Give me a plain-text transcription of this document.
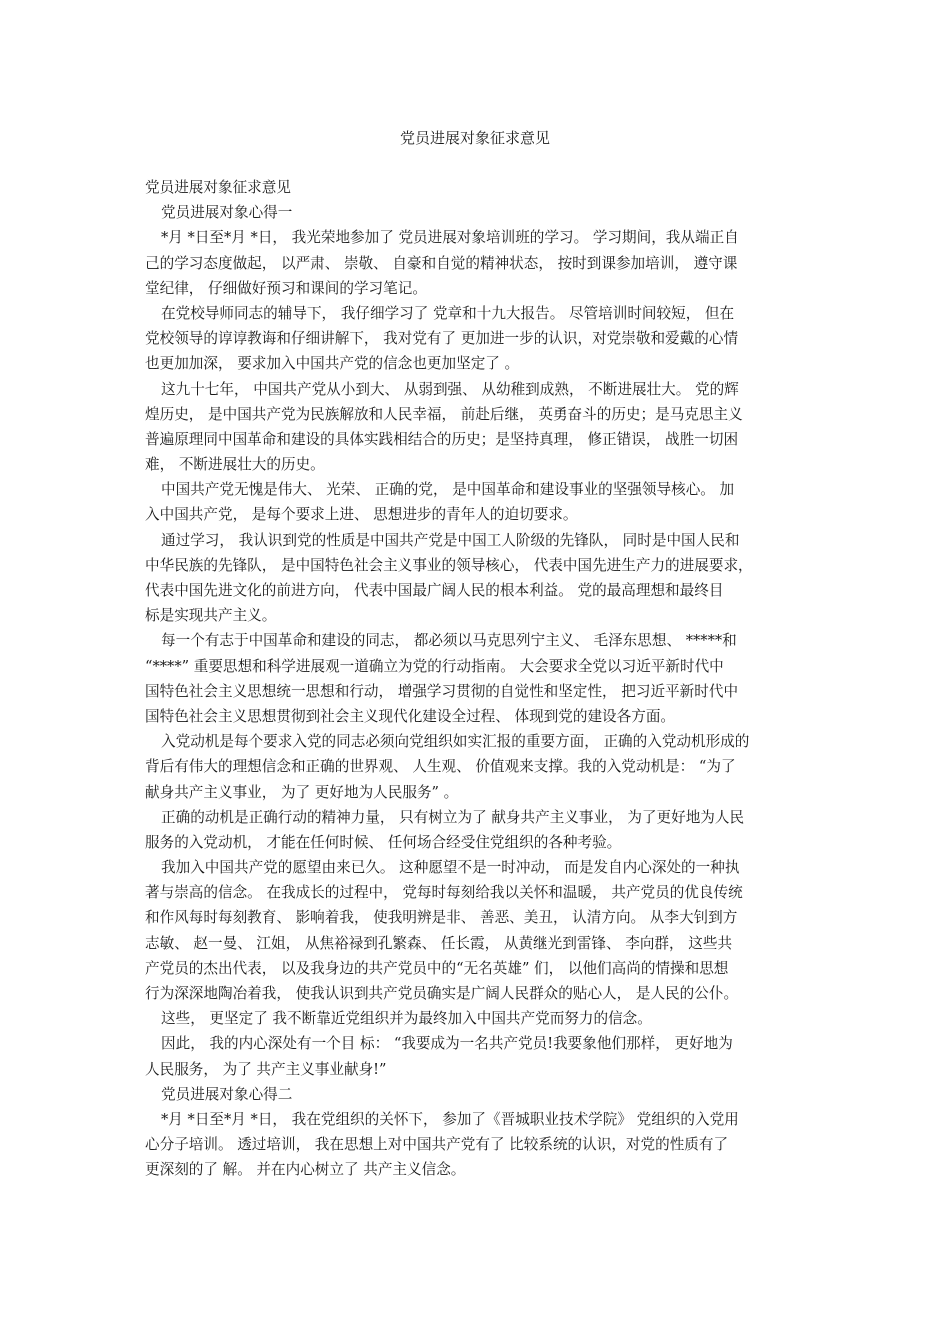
党员进展对象征求意见
党员进展对象征求意见
党员进展对象心得一
*月 *日至*月 *日， 我光荣地参加了 党员进展对象培训班的学习。 学习期间，我从端正自
己的学习态度做起， 以严肃、 崇敬、 自豪和自觉的精神状态， 按时到课参加培训， 遵守课
堂纪律， 仔细做好预习和课间的学习笔记。
在党校导师同志的辅导下， 我仔细学习了 党章和十九大报告。 尽管培训时间较短， 但在
党校领导的谆谆教诲和仔细讲解下， 我对党有了 更加进一步的认识，对党崇敬和爱戴的心情
也更加加深， 要求加入中国共产党的信念也更加坚定了 。
这九十七年， 中国共产党从小到大、 从弱到强、 从幼稚到成熟， 不断进展壮大。 党的辉
煌历史， 是中国共产党为民族解放和人民幸福， 前赴后继， 英勇奋斗的历史；是马克思主义
普遍原理同中国革命和建设的具体实践相结合的历史；是坚持真理， 修正错误， 战胜一切困
难， 不断进展壮大的历史。
中国共产党无愧是伟大、 光荣、 正确的党， 是中国革命和建设事业的坚强领导核心。 加
入中国共产党， 是每个要求上进、 思想进步的青年人的迫切要求。
通过学习， 我认识到党的性质是中国共产党是中国工人阶级的先锋队， 同时是中国人民和
中华民族的先锋队， 是中国特色社会主义事业的领导核心， 代表中国先进生产力的进展要求，
代表中国先进文化的前进方向， 代表中国最广阔人民的根本利益。 党的最高理想和最终目
标是实现共产主义。
每一个有志于中国革命和建设的同志， 都必须以马克思列宁主义、 毛泽东思想、 *****和
“****” 重要思想和科学进展观一道确立为党的行动指南。 大会要求全党以习近平新时代中
国特色社会主义思想统一思想和行动， 增强学习贯彻的自觉性和坚定性， 把习近平新时代中
国特色社会主义思想贯彻到社会主义现代化建设全过程、 体现到党的建设各方面。
入党动机是每个要求入党的同志必须向党组织如实汇报的重要方面， 正确的入党动机形成的
背后有伟大的理想信念和正确的世界观、 人生观、 价值观来支撑。我的入党动机是： “为了
献身共产主义事业， 为了 更好地为人民服务” 。
正确的动机是正确行动的精神力量， 只有树立为了 献身共产主义事业， 为了更好地为人民
服务的入党动机， 才能在任何时候、 任何场合经受住党组织的各种考验。
我加入中国共产党的愿望由来已久。 这种愿望不是一时冲动， 而是发自内心深处的一种执
著与崇高的信念。 在我成长的过程中， 党每时每刻给我以关怀和温暖， 共产党员的优良传统
和作风每时每刻教育、 影响着我， 使我明辨是非、 善恶、美丑， 认清方向。 从李大钊到方
志敏、 赵一曼、 江姐， 从焦裕禄到孔繁森、 任长霞， 从黄继光到雷锋、 李向群， 这些共
产党员的杰出代表， 以及我身边的共产党员中的“无名英雄” 们， 以他们高尚的情操和思想
行为深深地陶冶着我， 使我认识到共产党员确实是广阔人民群众的贴心人， 是人民的公仆。
这些， 更坚定了 我不断靠近党组织并为最终加入中国共产党而努力的信念。
因此， 我的内心深处有一个目 标： “我要成为一名共产党员!我要象他们那样， 更好地为
人民服务， 为了 共产主义事业献身!”
党员进展对象心得二
*月 *日至*月 *日， 我在党组织的关怀下， 参加了《晋城职业技术学院》 党组织的入党用
心分子培训。 透过培训， 我在思想上对中国共产党有了 比较系统的认识，对党的性质有了
更深刻的了 解。 并在内心树立了 共产主义信念。
